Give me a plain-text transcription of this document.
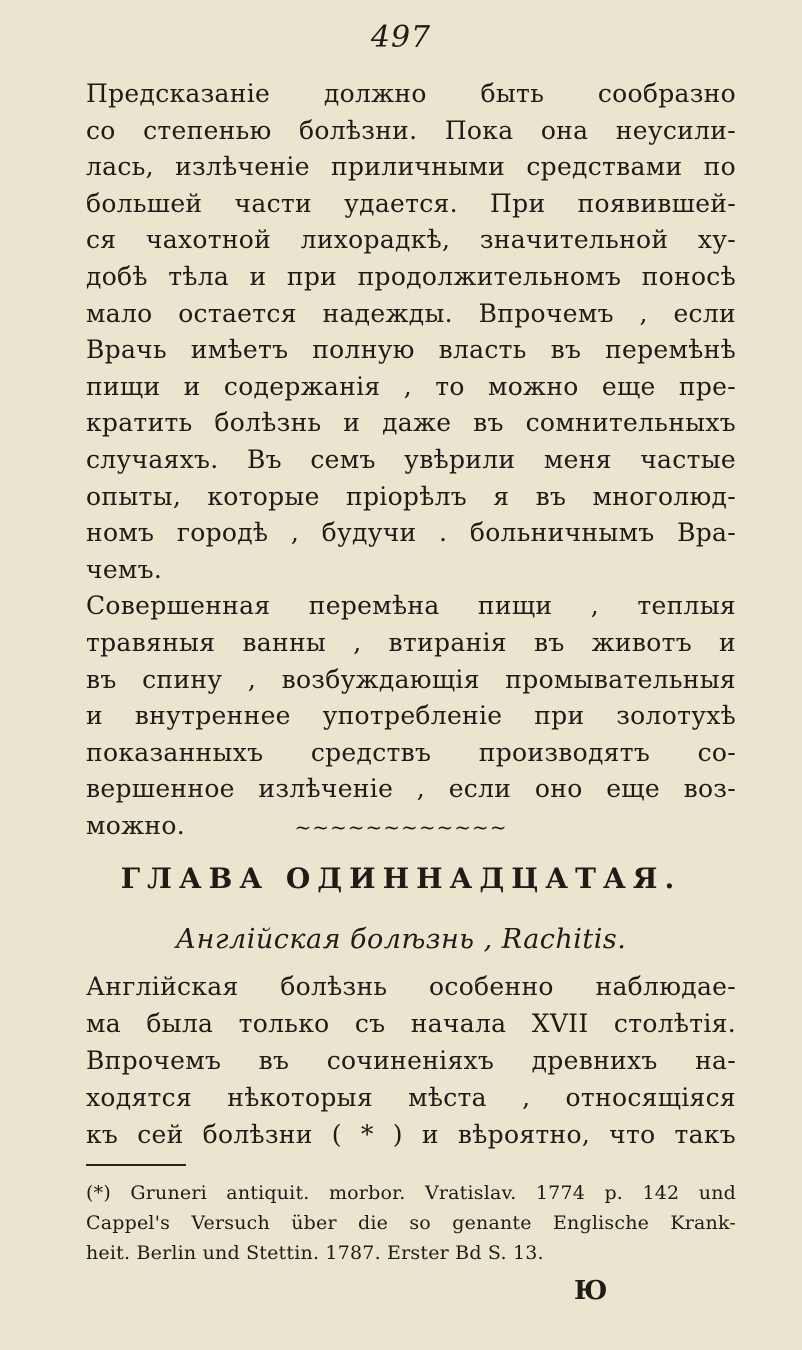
497
Предсказаніе должно быть сообразно
со степенью болѣзни. Пока она неусили-
лась, излѣченіе приличными средствами по
большей части удается. При появившей-
ся чахотной лихорадкѣ, значительной ху-
добѣ тѣла и при продолжительномъ поносѣ
мало остается надежды. Впрочемъ , если
Врачь имѣетъ полную власть въ перемѣнѣ
пищи и содержанія , то можно еще пре-
кратить болѣзнь и даже въ сомнительныхъ
случаяхъ. Въ семъ увѣрили меня частые
опыты, которые пріорѣлъ я въ многолюд-
номъ городѣ , будучи . больничнымъ Вра-
чемъ.
Совершенная перемѣна пищи , теплыя
травяныя ванны , втиранія въ животъ и
въ спину , возбуждающія промывательныя
и внутреннее употребленіе при золотухѣ
показанныхъ средствъ производятъ со-
вершенное излѣченіе , если оно еще воз-
можно.	~~~~~~~~~~~~
ГЛАВА ОДИННАДЦАТАЯ.
Англійская болѣзнь , Rachitis.
Англійская болѣзнь особенно наблюдае-
ма была только съ начала XVII столѣтія.
Впрочемъ въ сочиненіяхъ древнихъ на-
ходятся нѣкоторыя мѣста , относящіяся
къ сей болѣзни ( * ) и вѣроятно, что такъ
(*) Gruneri antiquit. morbor. Vratislav. 1774 p. 142 und
Cappel's Versuch über die so genante Englische Krank-
heit. Berlin und Stettin. 1787. Erster Bd S. 13.
Ю
